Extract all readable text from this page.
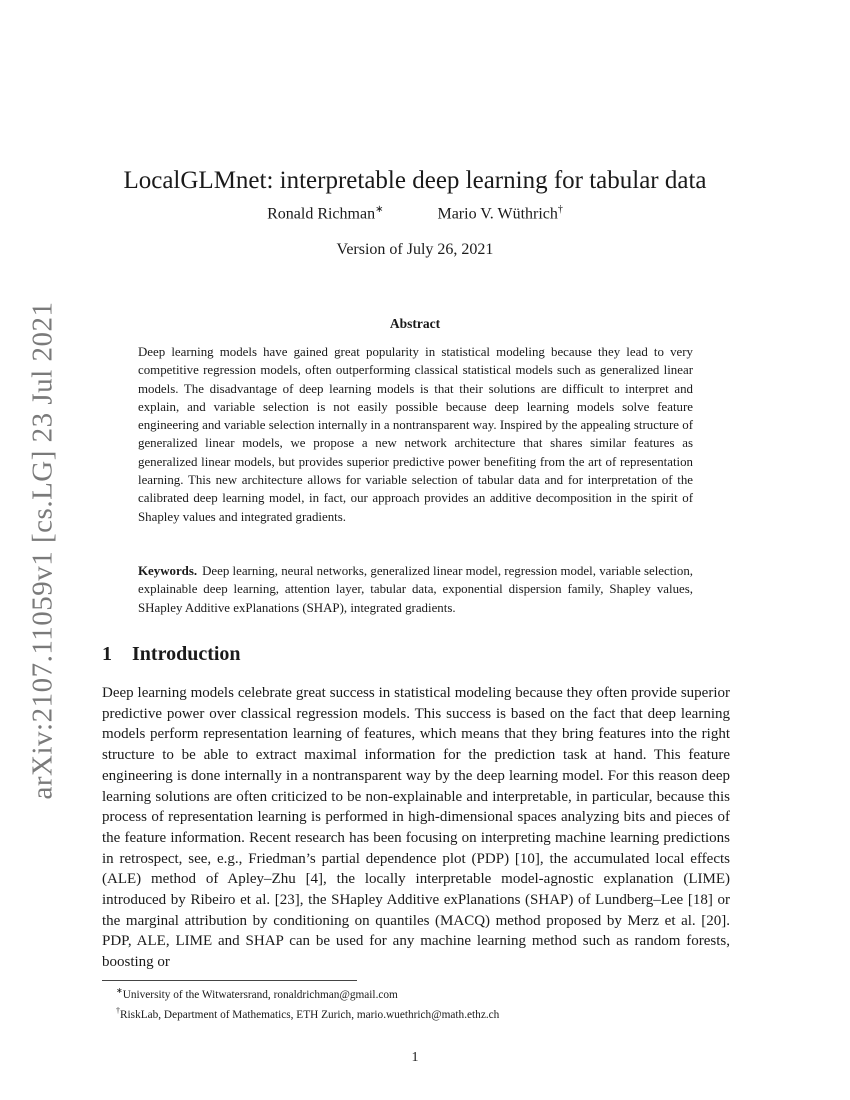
arXiv:2107.11059v1 [cs.LG] 23 Jul 2021
LocalGLMnet: interpretable deep learning for tabular data
Ronald Richman∗	Mario V. Wüthrich†
Version of July 26, 2021
Abstract

Deep learning models have gained great popularity in statistical modeling because they lead to very competitive regression models, often outperforming classical statistical models such as generalized linear models. The disadvantage of deep learning models is that their solutions are difficult to interpret and explain, and variable selection is not easily possible because deep learning models solve feature engineering and variable selection internally in a nontransparent way. Inspired by the appealing structure of generalized linear models, we propose a new network architecture that shares similar features as generalized linear models, but provides superior predictive power benefiting from the art of representation learning. This new architecture allows for variable selection of tabular data and for interpretation of the calibrated deep learning model, in fact, our approach provides an additive decomposition in the spirit of Shapley values and integrated gradients.

Keywords. Deep learning, neural networks, generalized linear model, regression model, variable selection, explainable deep learning, attention layer, tabular data, exponential dispersion family, Shapley values, SHapley Additive exPlanations (SHAP), integrated gradients.

1 Introduction

Deep learning models celebrate great success in statistical modeling because they often provide superior predictive power over classical regression models. This success is based on the fact that deep learning models perform representation learning of features, which means that they bring features into the right structure to be able to extract maximal information for the prediction task at hand. This feature engineering is done internally in a nontransparent way by the deep learning model. For this reason deep learning solutions are often criticized to be non-explainable and interpretable, in particular, because this process of representation learning is performed in high-dimensional spaces analyzing bits and pieces of the feature information. Recent research has been focusing on interpreting machine learning predictions in retrospect, see, e.g., Friedman’s partial dependence plot (PDP) [10], the accumulated local effects (ALE) method of Apley–Zhu [4], the locally interpretable model-agnostic explanation (LIME) introduced by Ribeiro et al. [23], the SHapley Additive exPlanations (SHAP) of Lundberg–Lee [18] or the marginal attribution by conditioning on quantiles (MACQ) method proposed by Merz et al. [20]. PDP, ALE, LIME and SHAP can be used for any machine learning method such as random forests, boosting or

∗University of the Witwatersrand, ronaldrichman@gmail.com
†RiskLab, Department of Mathematics, ETH Zurich, mario.wuethrich@math.ethz.ch
1
